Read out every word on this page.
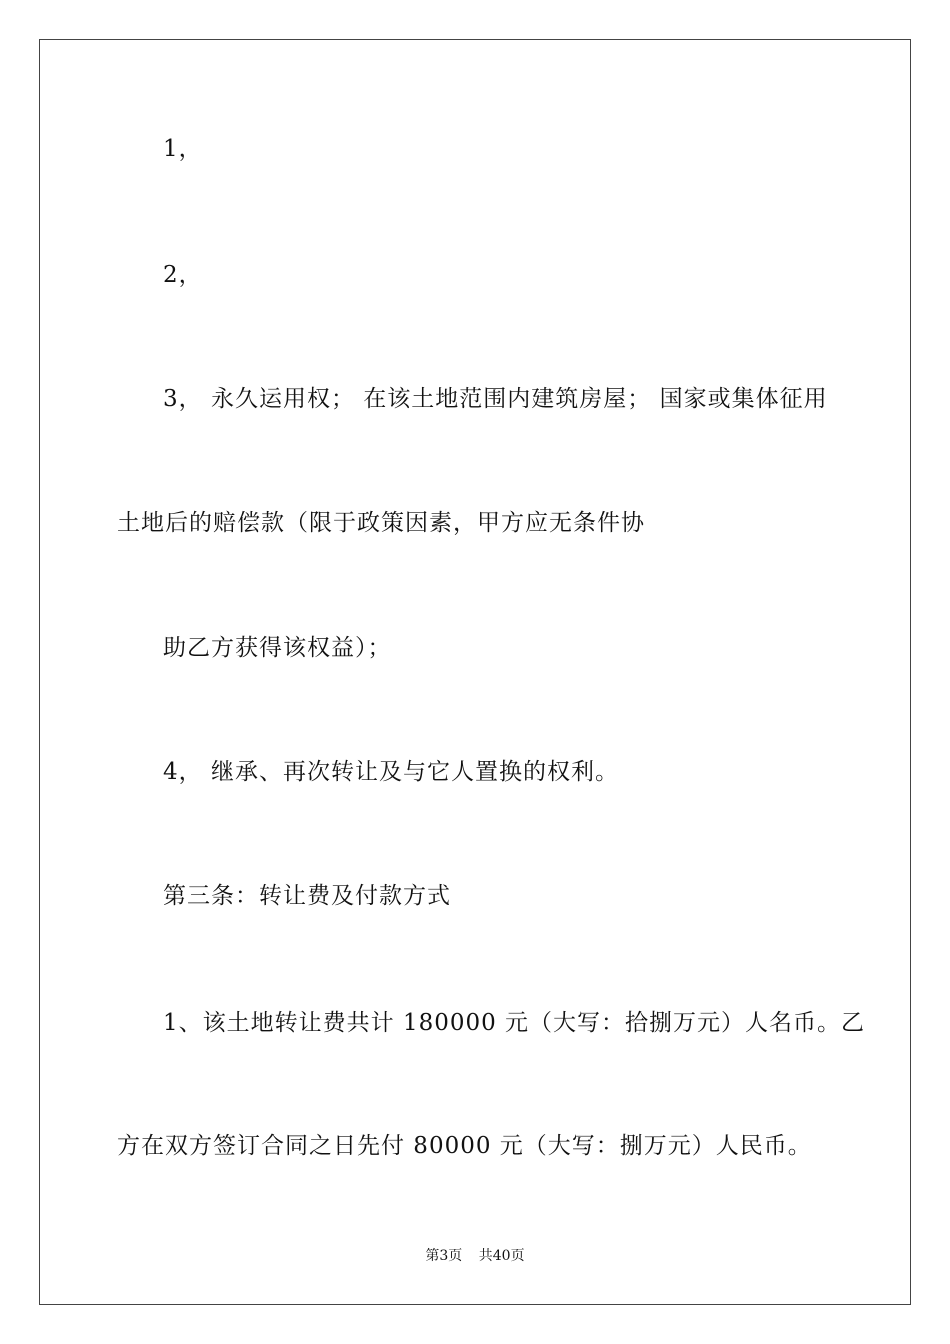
1，
2，
3， 永久运用权； 在该土地范围内建筑房屋； 国家或集体征用
土地后的赔偿款（限于政策因素，甲方应无条件协
助乙方获得该权益）；
4， 继承、再次转让及与它人置换的权利。
第三条：转让费及付款方式
1、该土地转让费共计 180000 元（大写：拾捌万元）人名币。乙
方在双方签订合同之日先付 80000 元（大写：捌万元）人民币。
第3页 共40页
